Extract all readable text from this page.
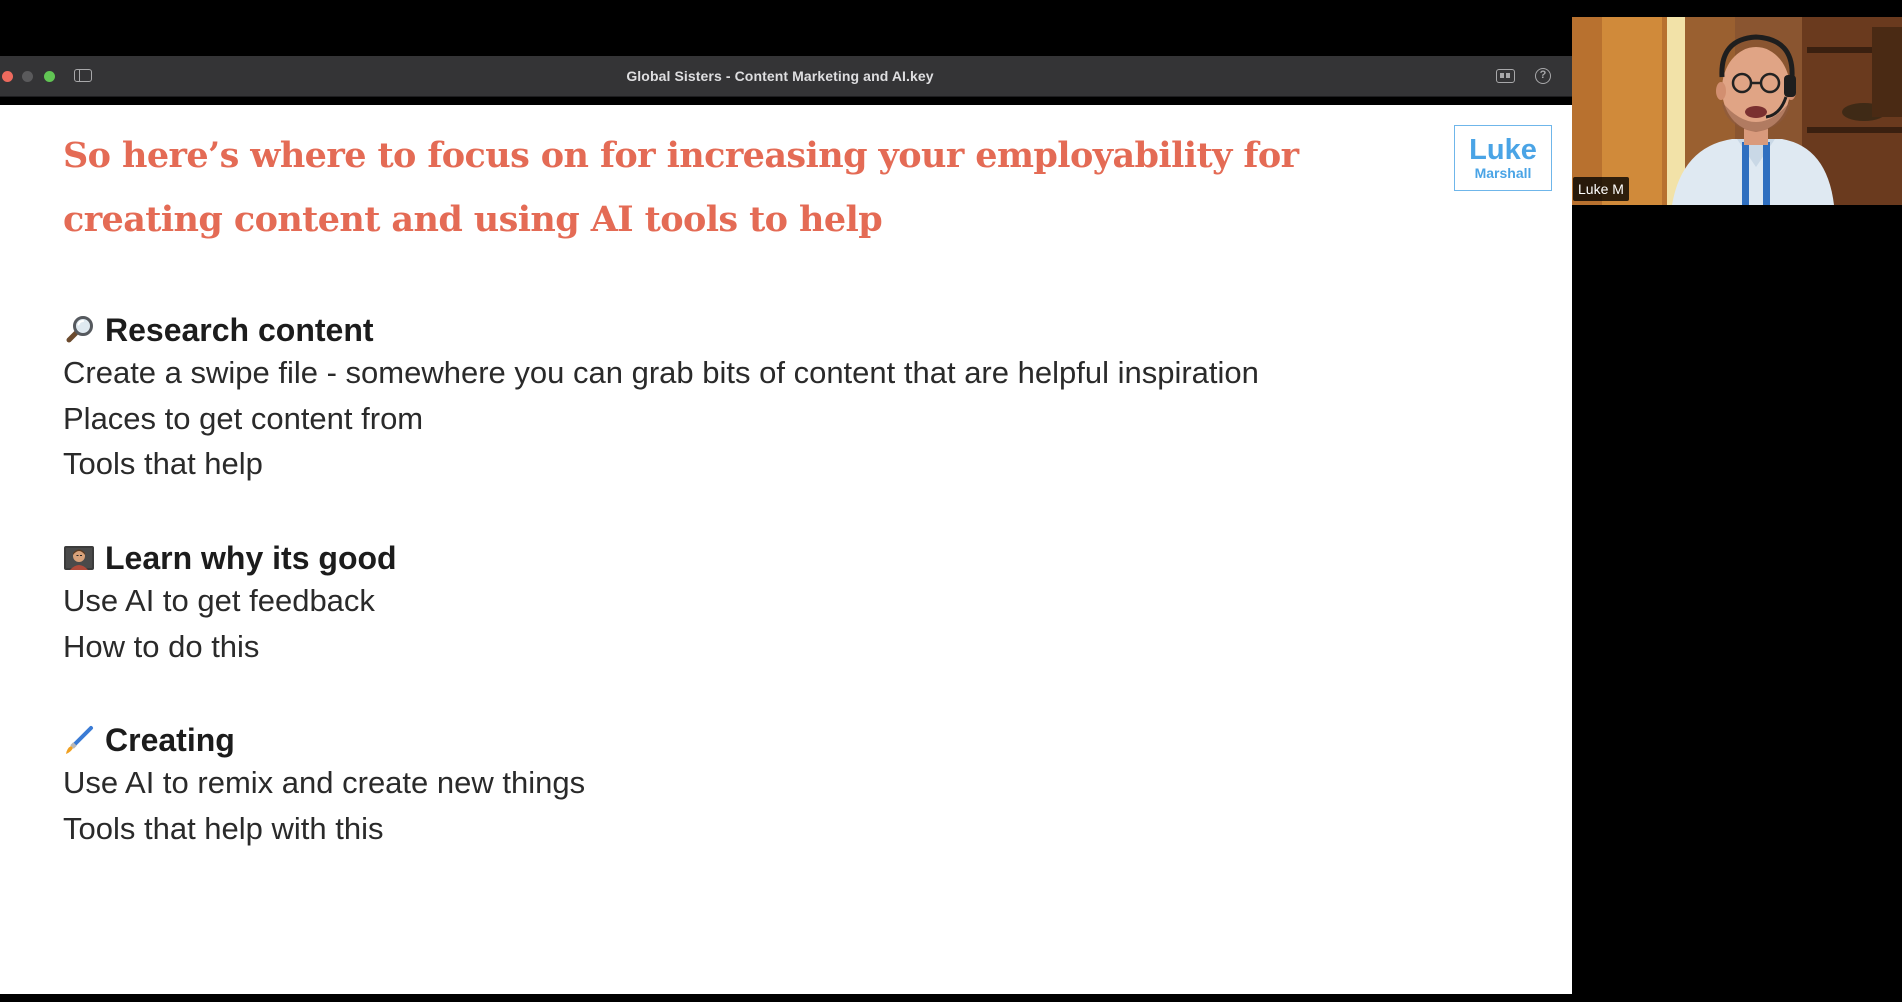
Global Sisters - Content Marketing and AI.key	?
So here’s where to focus on for increasing your employability for creating content and using AI tools to help
Luke
Marshall
Research content
Create a swipe file - somewhere you can grab bits of content that are helpful inspiration
Places to get content from
Tools that help
Learn why its good
Use AI to get feedback
How to do this
Creating
Use AI to remix and create new things
Tools that help with this
Luke M
